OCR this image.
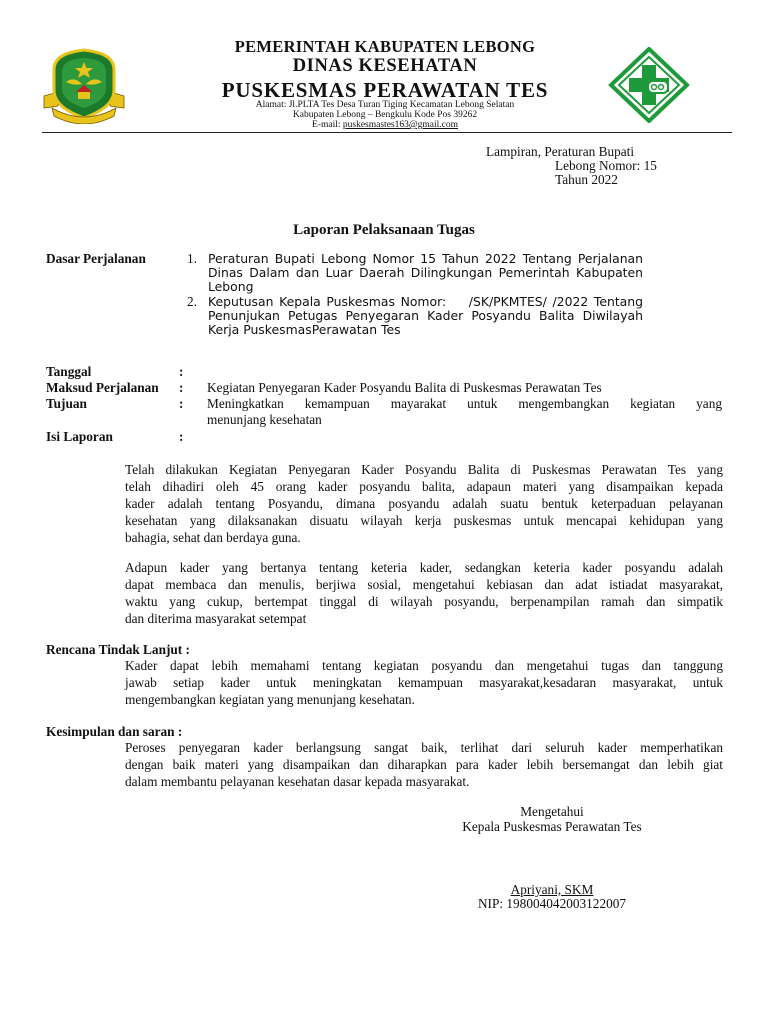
PEMERINTAH KABUPATEN LEBONG
DINAS KESEHATAN
PUSKESMAS PERAWATAN TES
Alamat: Jl.PLTA Tes Desa Turan Tiging Kecamatan Lebong Selatan
Kabupaten Lebong – Bengkulu Kode Pos 39262
E-mail: puskesmastes163@gmail.com
Lampiran, Peraturan Bupati
Lebong Nomor: 15
Tahun 2022
Laporan Pelaksanaan Tugas
Dasar Perjalanan	1. Peraturan Bupati Lebong Nomor 15 Tahun 2022 Tentang Perjalanan
Dinas Dalam dan Luar Daerah Dilingkungan Pemerintah Kabupaten
Lebong
2. Keputusan Kepala Puskesmas Nomor:    /SK/PKMTES/ /2022 Tentang
Penunjukan Petugas Penyegaran Kader Posyandu Balita Diwilayah
Kerja PuskesmasPerawatan Tes
Tanggal	:
Maksud Perjalanan : Kegiatan Penyegaran Kader Posyandu Balita di Puskesmas Perawatan Tes
Tujuan	: Meningkatkan kemampuan mayarakat untuk mengembangkan kegiatan yang
menunjang kesehatan
Isi Laporan	:
Telah dilakukan Kegiatan Penyegaran Kader Posyandu Balita di Puskesmas Perawatan Tes yang
telah dihadiri oleh 45 orang kader posyandu balita, adapaun materi yang disampaikan kepada
kader adalah tentang Posyandu, dimana posyandu adalah suatu bentuk keterpaduan pelayanan
kesehatan yang dilaksanakan disuatu wilayah kerja puskesmas untuk mencapai kehidupan yang
bahagia, sehat dan berdaya guna.
Adapun kader yang bertanya tentang keteria kader, sedangkan keteria kader posyandu adalah
dapat membaca dan menulis, berjiwa sosial, mengetahui kebiasan dan adat istiadat masyarakat,
waktu yang cukup, bertempat tinggal di wilayah posyandu, berpenampilan ramah dan simpatik
dan diterima masyarakat setempat
Rencana Tindak Lanjut :
Kader dapat lebih memahami tentang kegiatan posyandu dan mengetahui tugas dan tanggung
jawab setiap kader untuk meningkatan kemampuan masyarakat,kesadaran masyarakat, untuk
mengembangkan kegiatan yang menunjang kesehatan.
Kesimpulan dan saran :
Peroses penyegaran kader berlangsung sangat baik, terlihat dari seluruh kader memperhatikan
dengan baik materi yang disampaikan dan diharapkan para kader lebih bersemangat dan lebih giat
dalam membantu pelayanan kesehatan dasar kepada masyarakat.
Mengetahui
Kepala Puskesmas Perawatan Tes
Apriyani, SKM
NIP: 198004042003122007
